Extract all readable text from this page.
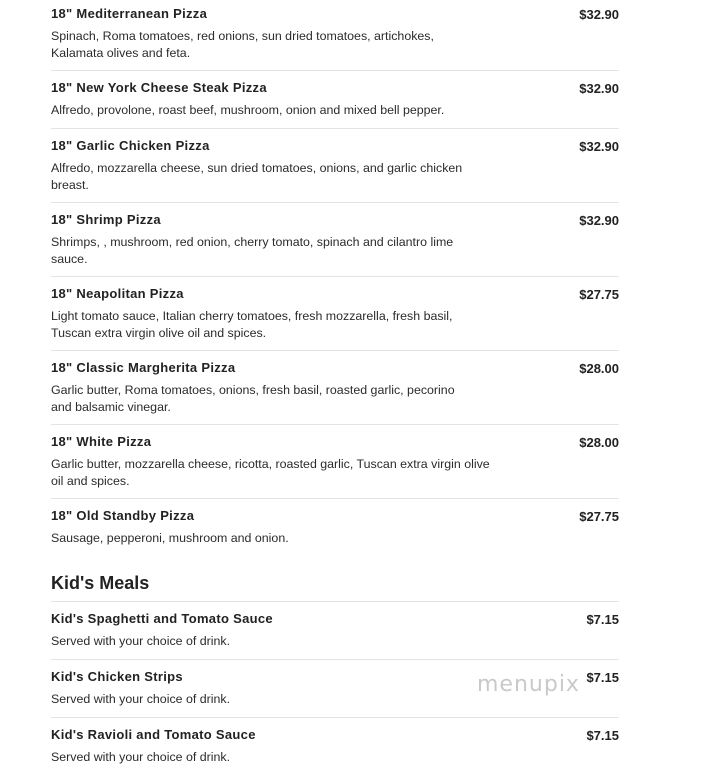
$32.90
18" Mediterranean Pizza
Spinach, Roma tomatoes, red onions, sun dried tomatoes, artichokes, Kalamata olives and feta.
$32.90
18" New York Cheese Steak Pizza
Alfredo, provolone, roast beef, mushroom, onion and mixed bell pepper.
$32.90
18" Garlic Chicken Pizza
Alfredo, mozzarella cheese, sun dried tomatoes, onions, and garlic chicken breast.
$32.90
18" Shrimp Pizza
Shrimps, , mushroom, red onion, cherry tomato, spinach and cilantro lime sauce.
$27.75
18" Neapolitan Pizza
Light tomato sauce, Italian cherry tomatoes, fresh mozzarella, fresh basil, Tuscan extra virgin olive oil and spices.
$28.00
18" Classic Margherita Pizza
Garlic butter, Roma tomatoes, onions, fresh basil, roasted garlic, pecorino and balsamic vinegar.
$28.00
18" White Pizza
Garlic butter, mozzarella cheese, ricotta, roasted garlic, Tuscan extra virgin olive oil and spices.
$27.75
18" Old Standby Pizza
Sausage, pepperoni, mushroom and onion.
Kid's Meals
$7.15
Kid's Spaghetti and Tomato Sauce
Served with your choice of drink.
$7.15
Kid's Chicken Strips
Served with your choice of drink.
$7.15
Kid's Ravioli and Tomato Sauce
Served with your choice of drink.
menupix
